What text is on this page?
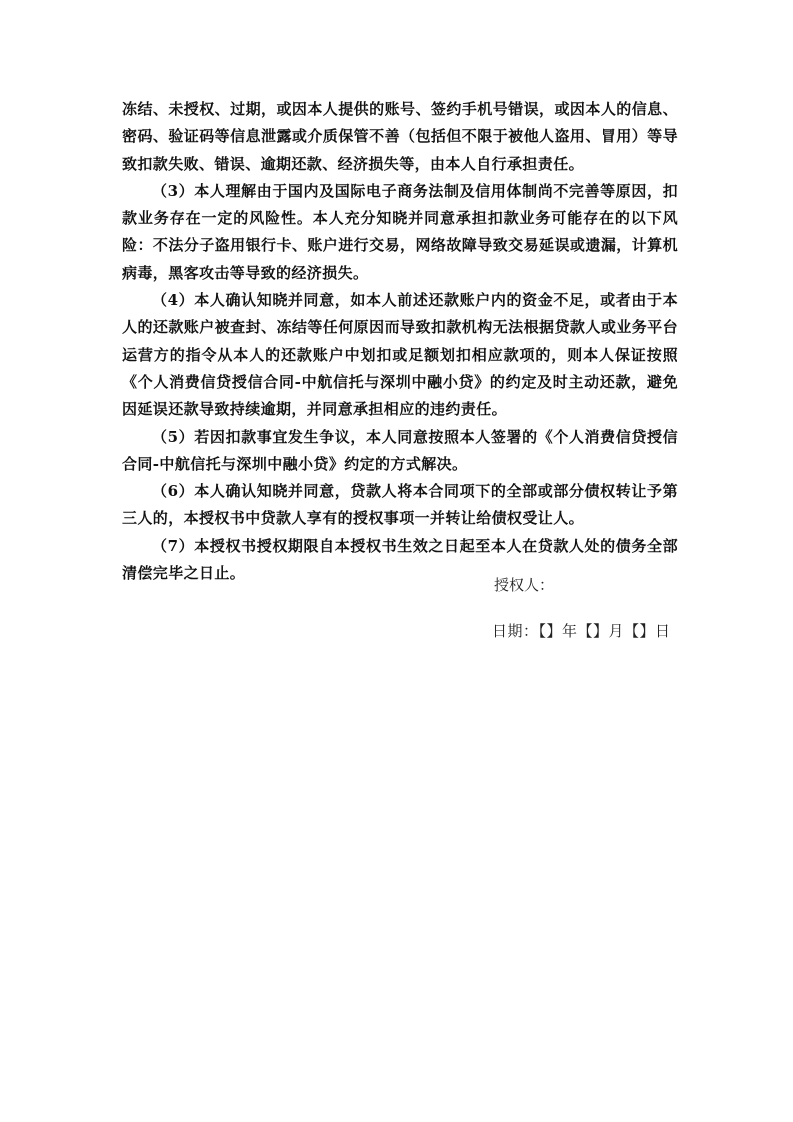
冻结、未授权、过期，或因本人提供的账号、签约手机号错误，或因本人的信息、密码、验证码等信息泄露或介质保管不善（包括但不限于被他人盗用、冒用）等导致扣款失败、错误、逾期还款、经济损失等，由本人自行承担责任。

（3）本人理解由于国内及国际电子商务法制及信用体制尚不完善等原因，扣款业务存在一定的风险性。本人充分知晓并同意承担扣款业务可能存在的以下风险：不法分子盗用银行卡、账户进行交易，网络故障导致交易延误或遗漏，计算机病毒，黑客攻击等导致的经济损失。

（4）本人确认知晓并同意，如本人前述还款账户内的资金不足，或者由于本人的还款账户被查封、冻结等任何原因而导致扣款机构无法根据贷款人或业务平台运营方的指令从本人的还款账户中划扣或足额划扣相应款项的，则本人保证按照《个人消费信贷授信合同-中航信托与深圳中融小贷》的约定及时主动还款，避免因延误还款导致持续逾期，并同意承担相应的违约责任。

（5）若因扣款事宜发生争议，本人同意按照本人签署的《个人消费信贷授信合同-中航信托与深圳中融小贷》约定的方式解决。

（6）本人确认知晓并同意，贷款人将本合同项下的全部或部分债权转让予第三人的，本授权书中贷款人享有的授权事项一并转让给债权受让人。

（7）本授权书授权期限自本授权书生效之日起至本人在贷款人处的债务全部清偿完毕之日止。

授权人：
日期：【】年【】月【】日
